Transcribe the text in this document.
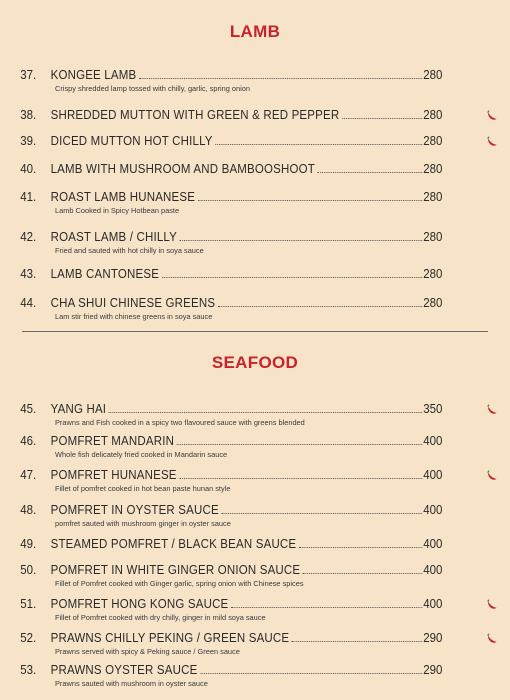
LAMB
37. KONGEE LAMB	280
Crispy shredded lamp tossed with chilly, garlic, spring onion
38. SHREDDED MUTTON WITH GREEN & RED PEPPER	280
39. DICED MUTTON HOT CHILLY	280
40. LAMB WITH MUSHROOM AND BAMBOOSHOOT	280
41. ROAST LAMB HUNANESE	280
Lamb Cooked in Spicy Hotbean paste
42. ROAST LAMB / CHILLY	280
Fried and sauted with hot chilly in soya sauce
43. LAMB CANTONESE	280
44. CHA SHUI CHINESE GREENS	280
Lam stir fried with chinese greens in soya sauce
SEAFOOD
45. YANG HAI	350
Prawns and Fish cooked in a spicy two flavoured sauce with greens blended
46. POMFRET MANDARIN	400
Whole fish delicately fried cooked in Mandarin sauce
47. POMFRET HUNANESE	400
Fillet of pomfret cooked in hot bean paste hunan style
48. POMFRET IN OYSTER SAUCE	400
pomfret sauted with mushroom ginger in oyster sauce
49. STEAMED POMFRET / BLACK BEAN SAUCE	400
50. POMFRET IN WHITE GINGER ONION SAUCE	400
Fillet of Pomfret cooked with Ginger garlic, spring onion with Chinese spices
51. POMFRET HONG KONG SAUCE	400
Fillet of Pomfret cooked with dry chilly, ginger in mild soya sauce
52. PRAWNS CHILLY PEKING / GREEN SAUCE	290
Prawns served with spicy & Peking sauce / Green sauce
53. PRAWNS OYSTER SAUCE	290
Prawns sauted with mushroom in oyster sauce
